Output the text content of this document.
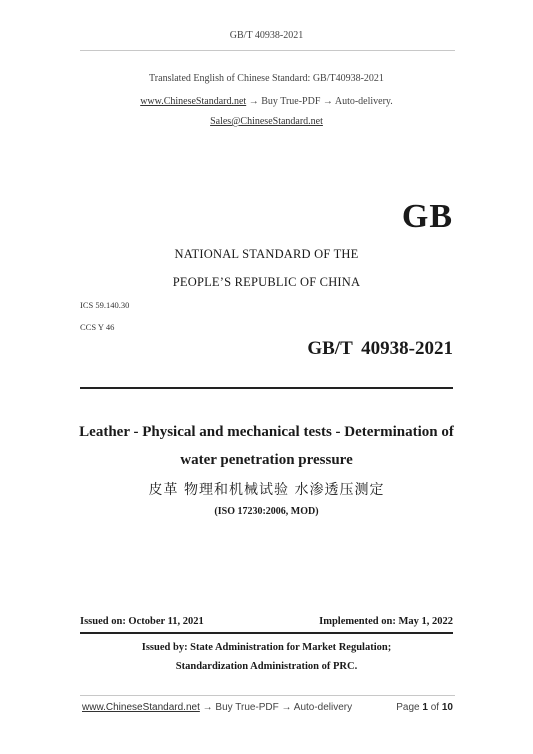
GB/T 40938-2021
Translated English of Chinese Standard: GB/T40938-2021
www.ChineseStandard.net → Buy True-PDF → Auto-delivery.
Sales@ChineseStandard.net
GB
NATIONAL STANDARD OF THE
PEOPLE’S REPUBLIC OF CHINA
ICS 59.140.30
CCS Y 46
GB/T 40938-2021
Leather - Physical and mechanical tests - Determination of
water penetration pressure
皮革 物理和机械试验 水渗透压测定
(ISO 17230:2006, MOD)
Issued on: October 11, 2021	Implemented on: May 1, 2022
Issued by: State Administration for Market Regulation;
Standardization Administration of PRC.
www.ChineseStandard.net → Buy True-PDF → Auto-delivery	Page 1 of 10
